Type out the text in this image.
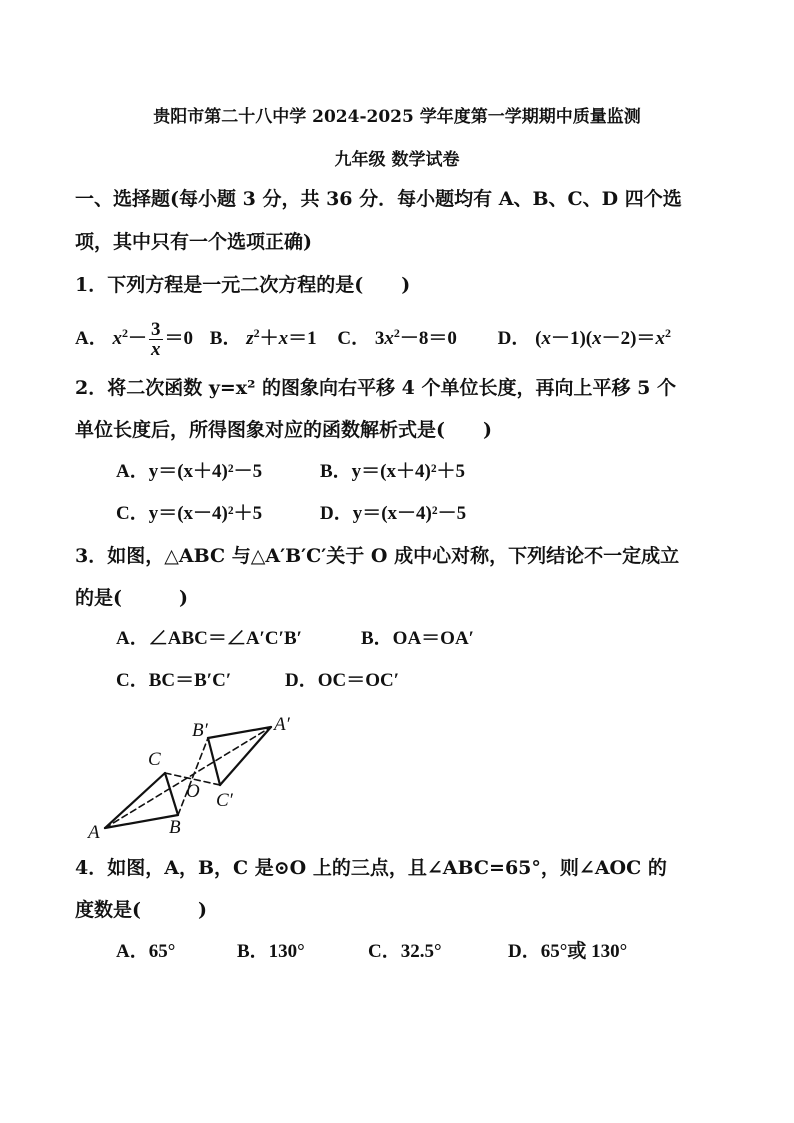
贵阳市第二十八中学 2024-2025 学年度第一学期期中质量监测
九年级 数学试卷
一、选择题(每小题 3 分，共 36 分．每小题均有 A、B、C、D 四个选
项，其中只有一个选项正确)
1．下列方程是一元二次方程的是(　　)
A． $x^2- \frac{3}{x} =0$ B． $z^2+x=1$ C． $3x^2-8=0$ D． $(x-1)(x-2)=x^2$
2．将二次函数 y=x² 的图象向右平移 4 个单位长度，再向上平移 5 个
单位长度后，所得图象对应的函数解析式是(　　)
A．y＝(x＋4)²－5	B．y＝(x＋4)²＋5
C．y＝(x－4)²＋5	D．y＝(x－4)²－5
3．如图，△ABC 与△A′B′C′关于 O 成中心对称，下列结论不一定成立
的是(　　　)
A．∠ABC＝∠A′C′B′	B．OA＝OA′
C．BC＝B′C′	D．OC＝OC′
A	B
C
O
A′
B′
C′
4．如图，A，B，C 是⊙O 上的三点，且∠ABC=65°，则∠AOC 的
度数是(　　　)
A．65°	B．130°	C．32.5°	D．65°或 130°
